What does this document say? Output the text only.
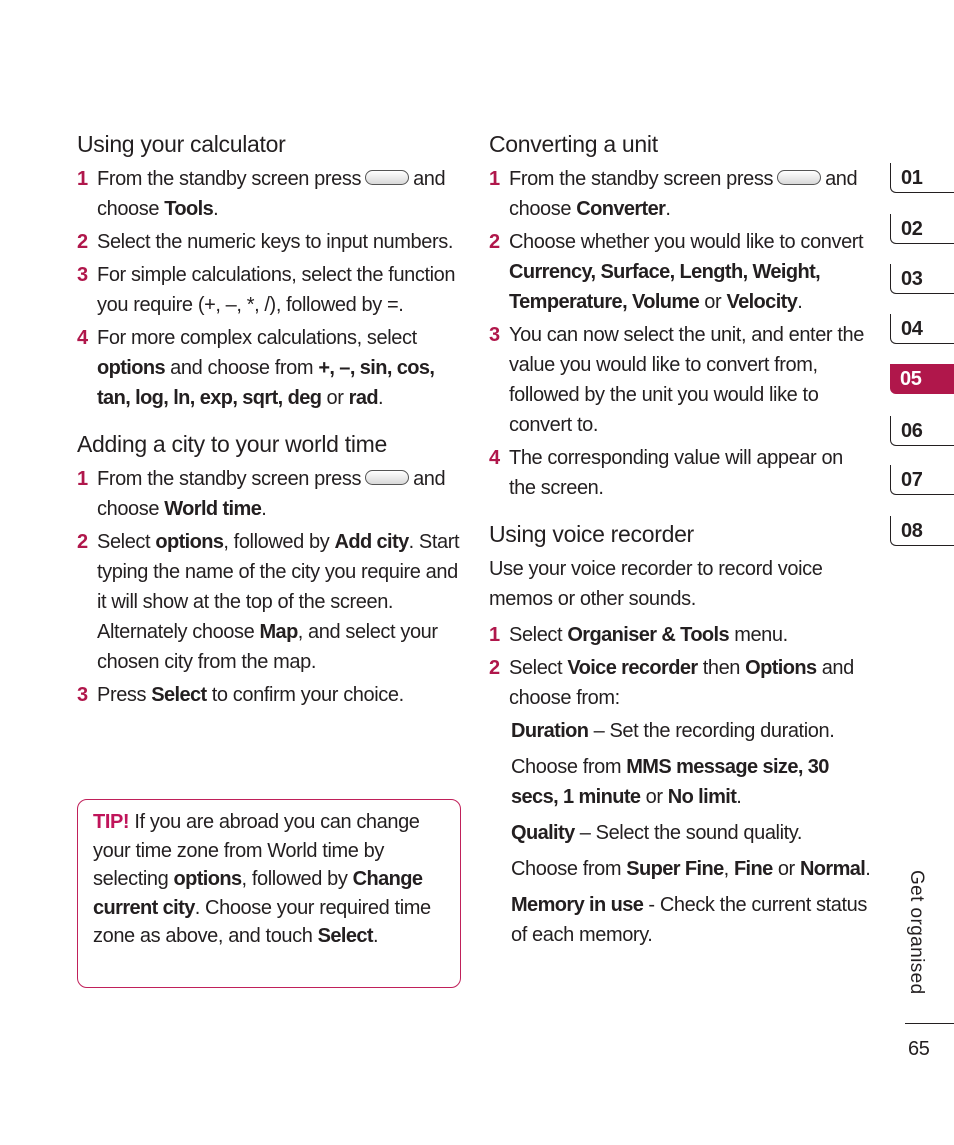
Using your calculator
1 From the standby screen press	and choose Tools.
2 Select the numeric keys to input numbers.
3 For simple calculations, select the function you require (+, –, *, /), followed by =.
4 For more complex calculations, select options and choose from +, –, sin, cos, tan, log, ln, exp, sqrt, deg or rad.
Adding a city to your world time
1 From the standby screen press	and choose World time.
2 Select options, followed by Add city. Start typing the name of the city you require and it will show at the top of the screen. Alternately choose Map, and select your chosen city from the map.
3 Press Select to confirm your choice.
TIP! If you are abroad you can change your time zone from World time by selecting options, followed by Change current city. Choose your required time zone as above, and touch Select.
Converting a unit
1 From the standby screen press	and choose Converter.
2 Choose whether you would like to convert Currency, Surface, Length, Weight, Temperature, Volume or Velocity.
3 You can now select the unit, and enter the value you would like to convert from, followed by the unit you would like to convert to.
4 The corresponding value will appear on the screen.
Using voice recorder
Use your voice recorder to record voice memos or other sounds.
1 Select Organiser & Tools menu.
2 Select Voice recorder then Options and choose from:
Duration – Set the recording duration.
Choose from MMS message size, 30 secs, 1 minute or No limit.
Quality – Select the sound quality.
Choose from Super Fine, Fine or Normal.
Memory in use - Check the current status of each memory.
01
02
03
04
05
06
07
08
Get organised
65
